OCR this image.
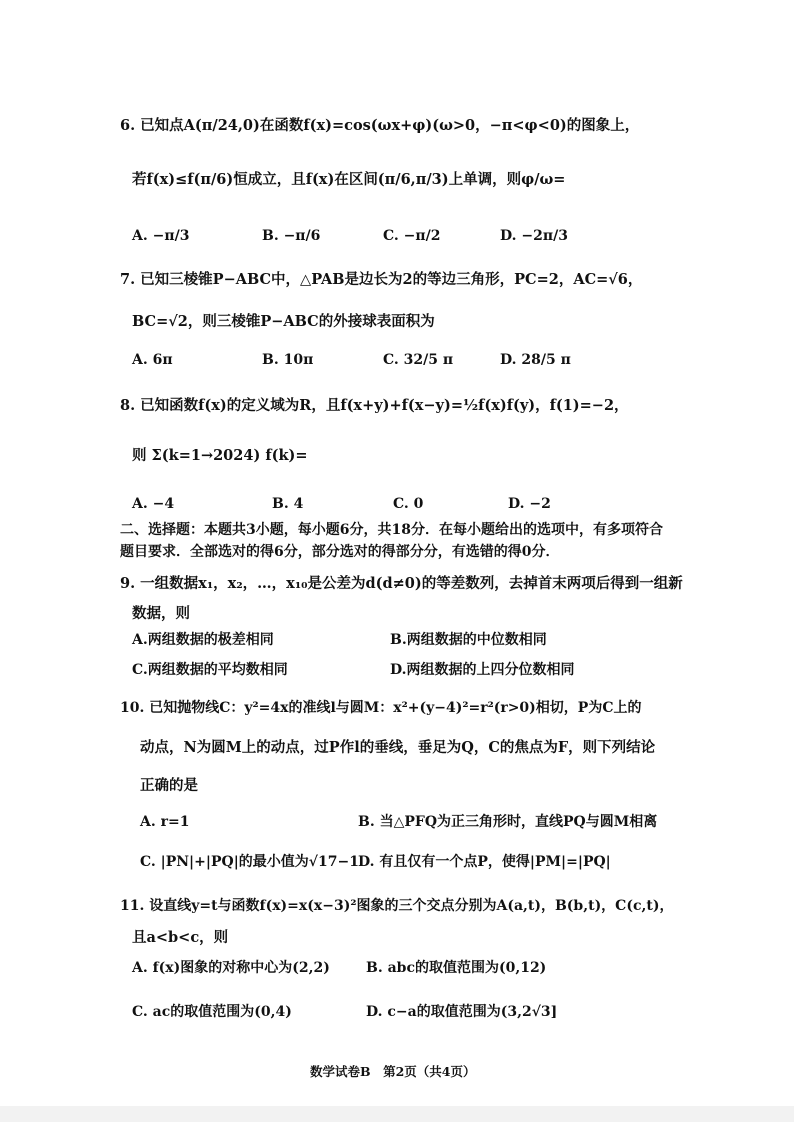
6. 已知点A(π/24,0)在函数f(x)=cos(ωx+φ)(ω>0，−π<φ<0)的图象上，
若f(x)≤f(π/6)恒成立，且f(x)在区间(π/6,π/3)上单调，则φ/ω=
A. −π/3	B. −π/6	C. −π/2	D. −2π/3
7. 已知三棱锥P−ABC中，△PAB是边长为2的等边三角形，PC=2，AC=√6，
BC=√2，则三棱锥P−ABC的外接球表面积为
A. 6π	B. 10π	C. 32/5 π	D. 28/5 π
8. 已知函数f(x)的定义域为R，且f(x+y)+f(x−y)=½f(x)f(y)，f(1)=−2，
则 Σ(k=1→2024) f(k)=
A. −4	B. 4	C. 0	D. −2
二、选择题：本题共3小题，每小题6分，共18分．在每小题给出的选项中，有多项符合
题目要求．全部选对的得6分，部分选对的得部分分，有选错的得0分．
9. 一组数据x₁，x₂，…，x₁₀是公差为d(d≠0)的等差数列，去掉首末两项后得到一组新
数据，则
A.两组数据的极差相同	B.两组数据的中位数相同
C.两组数据的平均数相同	D.两组数据的上四分位数相同
10. 已知抛物线C：y²=4x的准线l与圆M：x²+(y−4)²=r²(r>0)相切，P为C上的
动点，N为圆M上的动点，过P作l的垂线，垂足为Q，C的焦点为F，则下列结论
正确的是
A. r=1	B. 当△PFQ为正三角形时，直线PQ与圆M相离
C. |PN|+|PQ|的最小值为√17−1 D. 有且仅有一个点P，使得|PM|=|PQ|
11. 设直线y=t与函数f(x)=x(x−3)²图象的三个交点分别为A(a,t)，B(b,t)，C(c,t)，
且a<b<c，则
A. f(x)图象的对称中心为(2,2)	B. abc的取值范围为(0,12)
C. ac的取值范围为(0,4)	D. c−a的取值范围为(3,2√3]
数学试卷B　第2页（共4页）
